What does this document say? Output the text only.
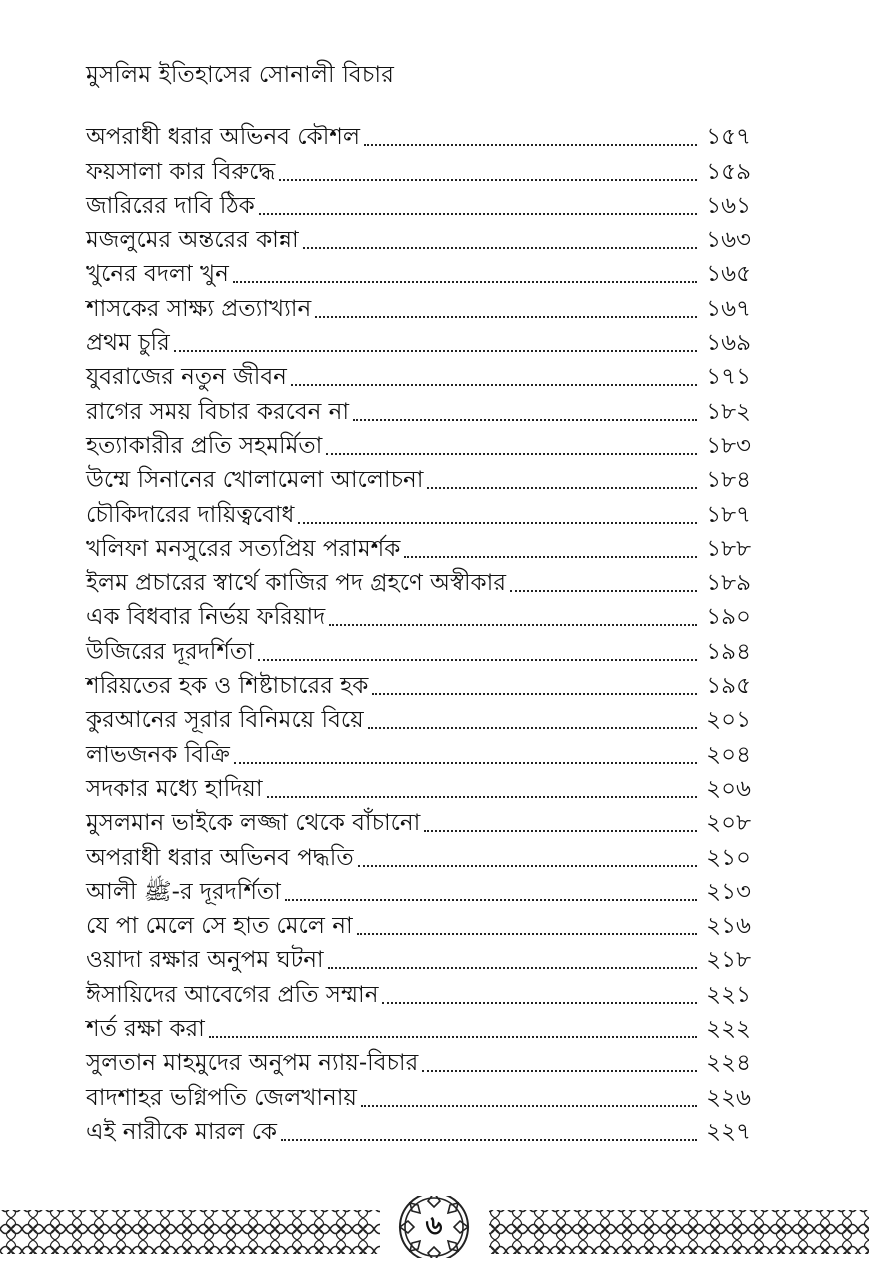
মুসলিম ইতিহাসের সোনালী বিচার
অপরাধী ধরার অভিনব কৌশল	১৫৭
ফয়সালা কার বিরুদ্ধে	১৫৯
জারিরের দাবি ঠিক	১৬১
মজলুমের অন্তরের কান্না	১৬৩
খুনের বদলা খুন	১৬৫
শাসকের সাক্ষ্য প্রত্যাখ্যান	১৬৭
প্রথম চুরি	১৬৯
যুবরাজের নতুন জীবন	১৭১
রাগের সময় বিচার করবেন না	১৮২
হত্যাকারীর প্রতি সহমর্মিতা	১৮৩
উম্মে সিনানের খোলামেলা আলোচনা	১৮৪
চৌকিদারের দায়িত্ববোধ	১৮৭
খলিফা মনসুরের সত্যপ্রিয় পরামর্শক	১৮৮
ইলম প্রচারের স্বার্থে কাজির পদ গ্রহণে অস্বীকার	১৮৯
এক বিধবার নির্ভয় ফরিয়াদ	১৯০
উজিরের দূরদর্শিতা	১৯৪
শরিয়তের হক ও শিষ্টাচারের হক	১৯৫
কুরআনের সূরার বিনিময়ে বিয়ে	২০১
লাভজনক বিক্রি	২০৪
সদকার মধ্যে হাদিয়া	২০৬
মুসলমান ভাইকে লজ্জা থেকে বাঁচানো	২০৮
অপরাধী ধরার অভিনব পদ্ধতি	২১০
আলী ﷺ-র দূরদর্শিতা	২১৩
যে পা মেলে সে হাত মেলে না	২১৬
ওয়াদা রক্ষার অনুপম ঘটনা	২১৮
ঈসায়িদের আবেগের প্রতি সম্মান	২২১
শর্ত রক্ষা করা	২২২
সুলতান মাহমুদের অনুপম ন্যায়-বিচার	২২৪
বাদশাহর ভগ্নিপতি জেলখানায়	২২৬
এই নারীকে মারল কে	২২৭
৬
